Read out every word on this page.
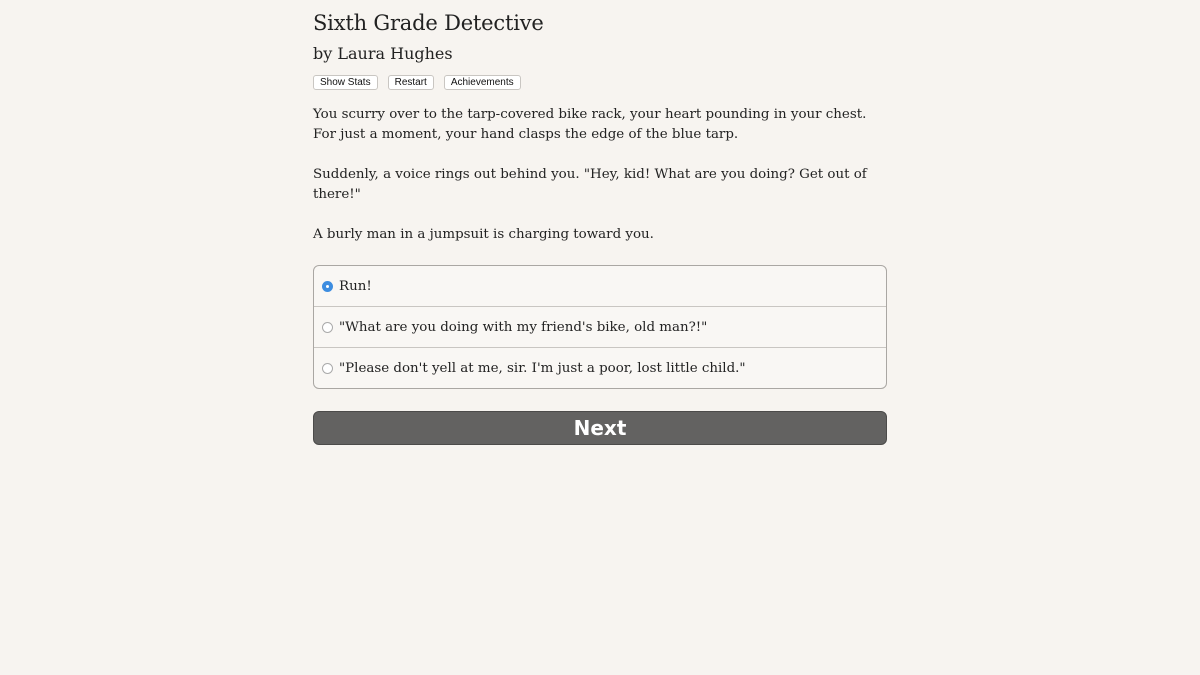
Sixth Grade Detective
by Laura Hughes
Show Stats	Restart	Achievements

You scurry over to the tarp-covered bike rack, your heart pounding in your chest. For just a moment, your hand clasps the edge of the blue tarp.

Suddenly, a voice rings out behind you. "Hey, kid! What are you doing? Get out of there!"

A burly man in a jumpsuit is charging toward you.

Run!
"What are you doing with my friend's bike, old man?!"
"Please don't yell at me, sir. I'm just a poor, lost little child."
Next
